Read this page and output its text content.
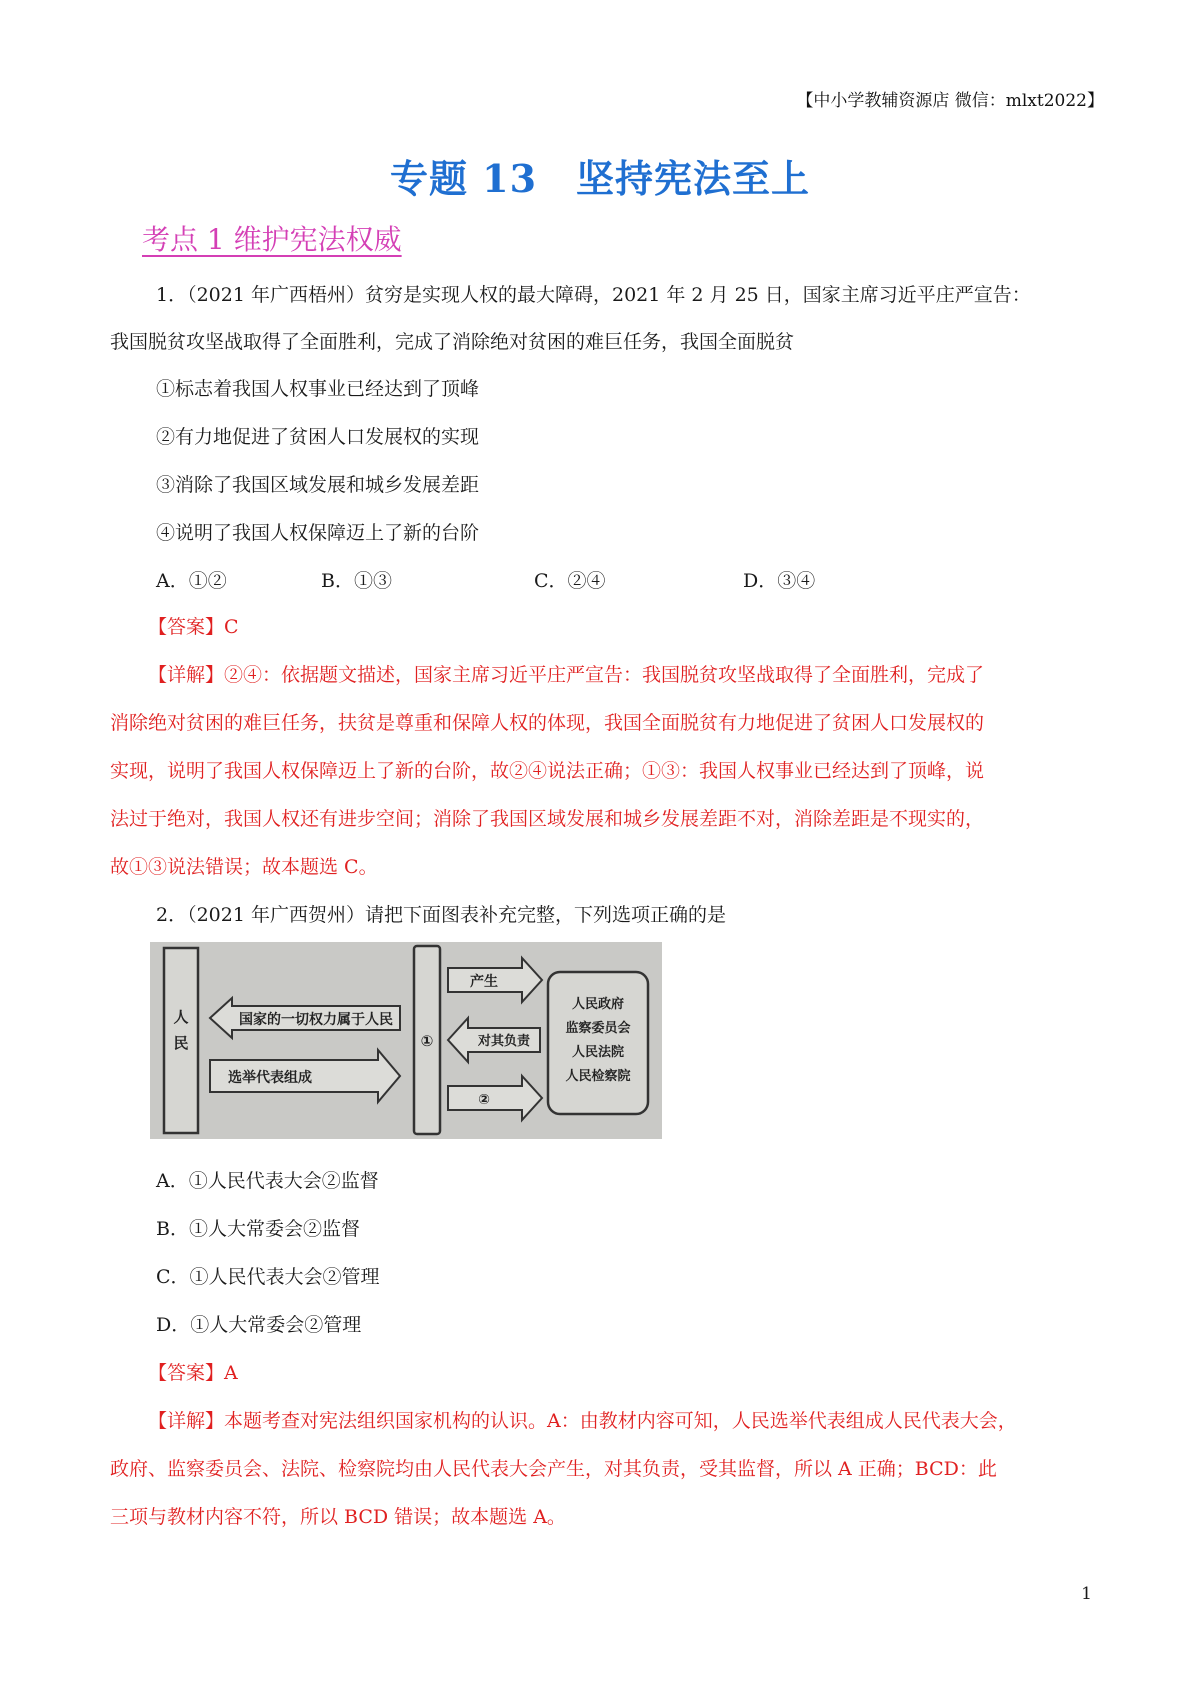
【中小学教辅资源店 微信：mlxt2022】
专题 13　坚持宪法至上
考点 1 维护宪法权威
1．（2021 年广西梧州）贫穷是实现人权的最大障碍，2021 年 2 月 25 日，国家主席习近平庄严宣告：
我国脱贫攻坚战取得了全面胜利，完成了消除绝对贫困的难巨任务，我国全面脱贫
①标志着我国人权事业已经达到了顶峰
②有力地促进了贫困人口发展权的实现
③消除了我国区域发展和城乡发展差距
④说明了我国人权保障迈上了新的台阶
A．①②	B．①③	C．②④	D．③④
【答案】C
【详解】②④：依据题文描述，国家主席习近平庄严宣告：我国脱贫攻坚战取得了全面胜利，完成了
消除绝对贫困的难巨任务，扶贫是尊重和保障人权的体现，我国全面脱贫有力地促进了贫困人口发展权的
实现，说明了我国人权保障迈上了新的台阶，故②④说法正确；①③：我国人权事业已经达到了顶峰，说
法过于绝对，我国人权还有进步空间；消除了我国区域发展和城乡发展差距不对，消除差距是不现实的，
故①③说法错误；故本题选 C。
2．（2021 年广西贺州）请把下面图表补充完整，下列选项正确的是
人
民
国家的一切权力属于人民
选举代表组成
①
产生
对其负责
②
人民政府
监察委员会
人民法院
人民检察院
A．①人民代表大会②监督
B．①人大常委会②监督
C．①人民代表大会②管理
D．①人大常委会②管理
【答案】A
【详解】本题考查对宪法组织国家机构的认识。A：由教材内容可知，人民选举代表组成人民代表大会，
政府、监察委员会、法院、检察院均由人民代表大会产生，对其负责，受其监督，所以 A 正确；BCD：此
三项与教材内容不符，所以 BCD 错误；故本题选 A。
1
